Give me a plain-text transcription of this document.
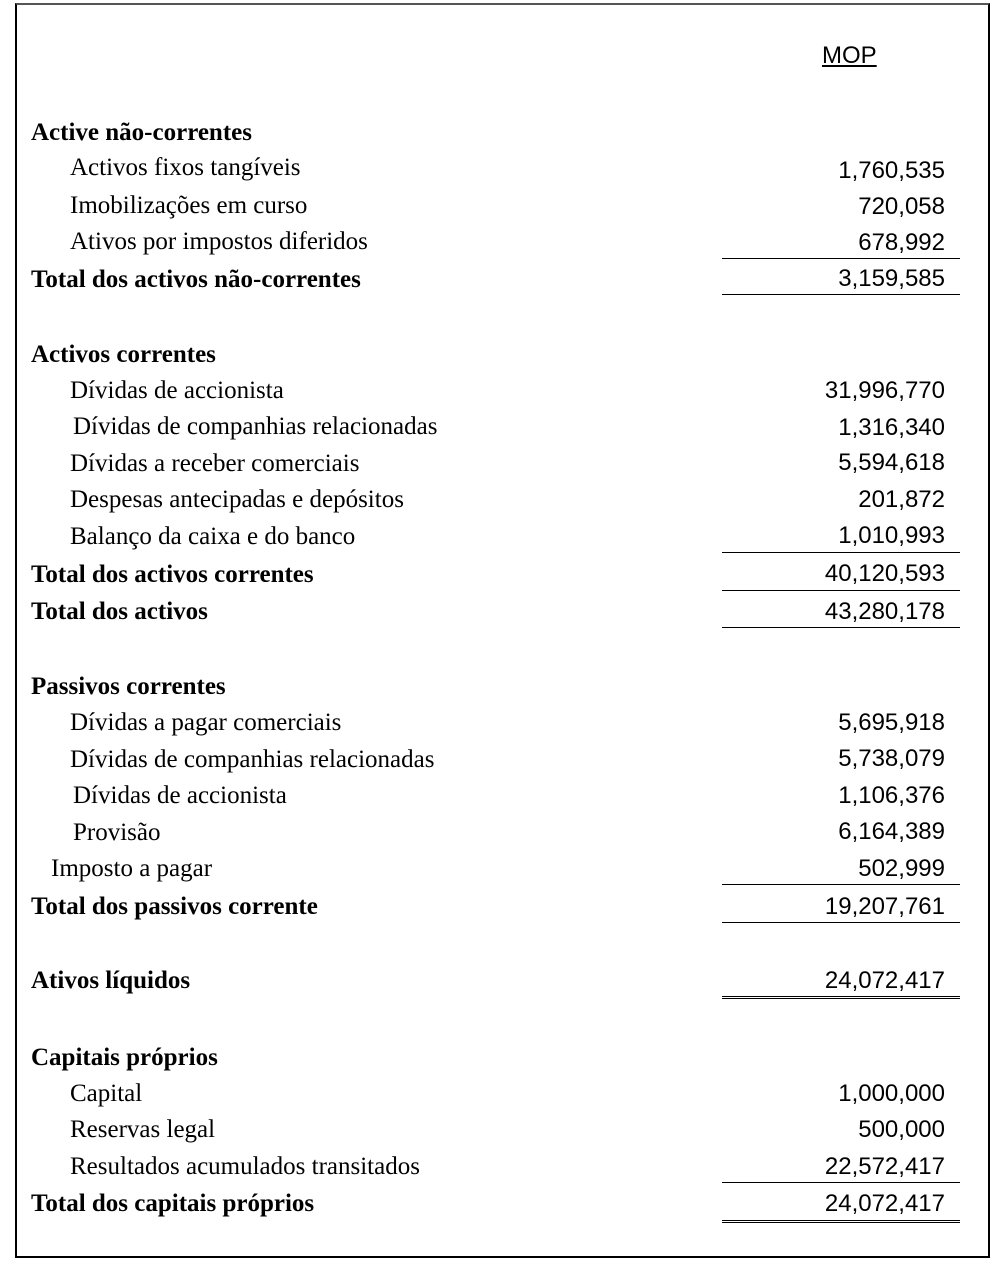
MOP
Active não-correntes
Activos fixos tangíveis	1,760,535
Imobilizações em curso	720,058
Ativos por impostos diferidos	678,992
Total dos activos não-correntes	3,159,585
Activos correntes
Dívidas de accionista	31,996,770
Dívidas de companhias relacionadas	1,316,340
Dívidas a receber comerciais	5,594,618
Despesas antecipadas e depósitos	201,872
Balanço da caixa e do banco	1,010,993
Total dos activos correntes	40,120,593
Total dos activos	43,280,178
Passivos correntes
Dívidas a pagar comerciais	5,695,918
Dívidas de companhias relacionadas	5,738,079
Dívidas de accionista	1,106,376
Provisão	6,164,389
Imposto a pagar	502,999
Total dos passivos corrente	19,207,761
Ativos líquidos	24,072,417
Capitais próprios
Capital	1,000,000
Reservas legal	500,000
Resultados acumulados transitados	22,572,417
Total dos capitais próprios	24,072,417
